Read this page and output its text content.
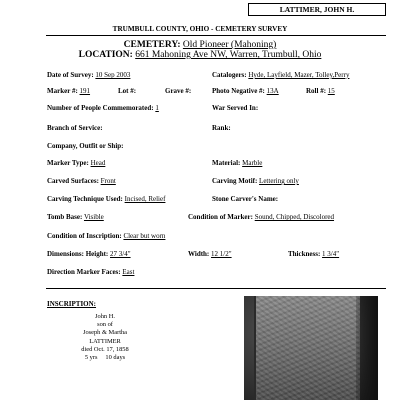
LATTIMER, JOHN H.
TRUMBULL COUNTY, OHIO - CEMETERY SURVEY
CEMETERY: Old Pioneer (Mahoning)
LOCATION: 661 Mahoning Ave NW, Warren, Trumbull, Ohio
Date of Survey: 10 Sep 2003	Catalogers: Hyde, Layfield, Mazer, Tolley,Perry
Marker #: 191	Lot #:	Grave #:	Photo Negative #: 13A	Roll #: 15
Number of People Commemorated: 1	War Served In:
Branch of Service:	Rank:
Company, Outfit or Ship:
Marker Type: Head	Material: Marble
Carved Surfaces: Front	Carving Motif: Lettering only
Carving Technique Used: Incised, Relief	Stone Carver's Name:
Tomb Base: Visible	Condition of Marker: Sound, Chipped, Discolored
Condition of Inscription: Clear but worn
Dimensions: Height: 27 3/4"	Width: 12 1/2"	Thickness: 1 3/4"
Direction Marker Faces: East
INSCRIPTION:
John H.
son of
Joseph & Martha
LATTIMER
died Oct. 17, 1858
5 yrs     10 days
